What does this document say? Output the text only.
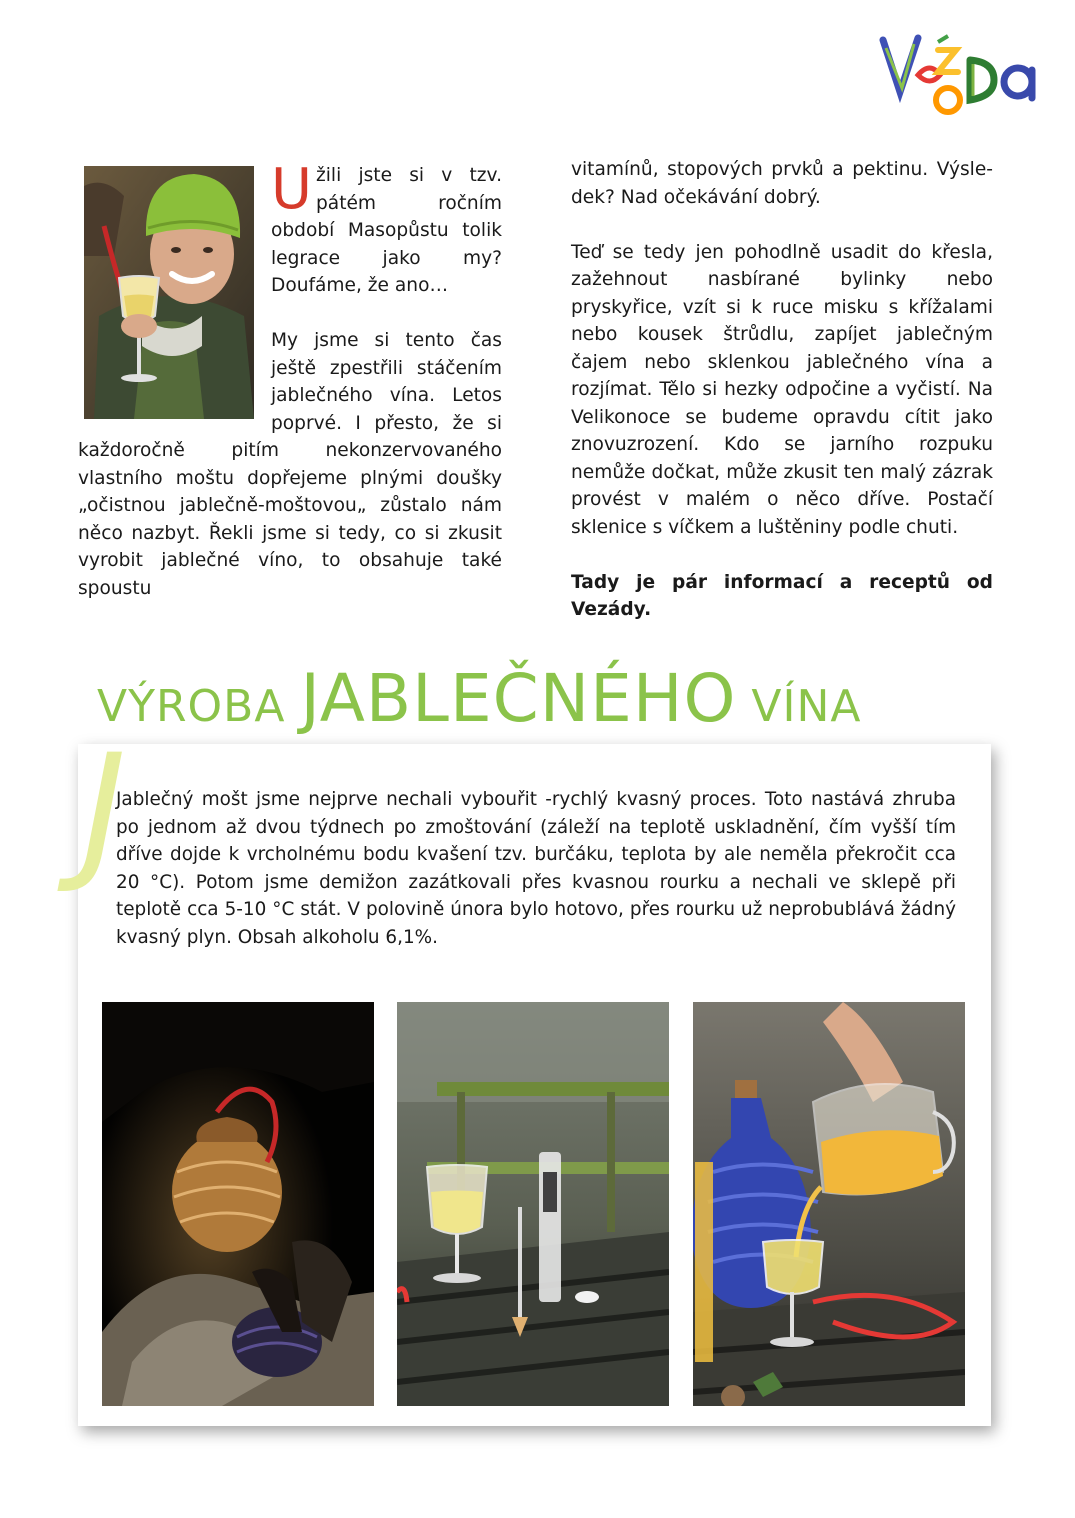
Užili jste si v tzv. pátém ročním období Masopůstu tolik legrace jako my? Doufáme, že ano…

My jsme si tento čas ještě zpestřili stáčením jablečného vína. Letos poprvé. I přesto, že si každoročně pitím nekonzervovaného vlastního moštu dopřejeme plnými doušky „očistnou jablečně-moštovou„ zůstalo nám něco nazbyt. Řekli jsme si tedy, co si zkusit vyrobit jablečné víno, to obsahuje také spoustu

vitamínů, stopových prvků a pektinu. Výsle-dek? Nad očekávání dobrý.

Teď se tedy jen pohodlně usadit do křesla, zažehnout nasbírané bylinky nebo pryskyřice, vzít si k ruce misku s křížalami nebo kousek štrůdlu, zapíjet jablečným čajem nebo sklenkou jablečného vína a rozjímat. Tělo si hezky odpočine a vyčistí. Na Velikonoce se budeme opravdu cítit jako znovuzrození. Kdo se jarního rozpuku nemůže dočkat, může zkusit ten malý zázrak provést v malém o něco dříve. Postačí sklenice s víčkem a luštěniny podle chuti.

Tady je pár informací a receptů od Vezády.

VÝROBA JABLEČNÉHO VÍNA
J
Jablečný mošt jsme nejprve nechali vybouřit -rychlý kvasný proces. Toto nastává zhruba po jednom až dvou týdnech po zmoštování (záleží na teplotě uskladnění, čím vyšší tím dříve dojde k vrcholnému bodu kvašení tzv. burčáku, teplota by ale neměla překročit cca 20 °C). Potom jsme demižon zazátkovali přes kvasnou rourku a nechali ve sklepě při teplotě cca 5-10 °C stát. V polovině února bylo hotovo, přes rourku už neprobublává žádný kvasný plyn. Obsah alkoholu 6,1%.
